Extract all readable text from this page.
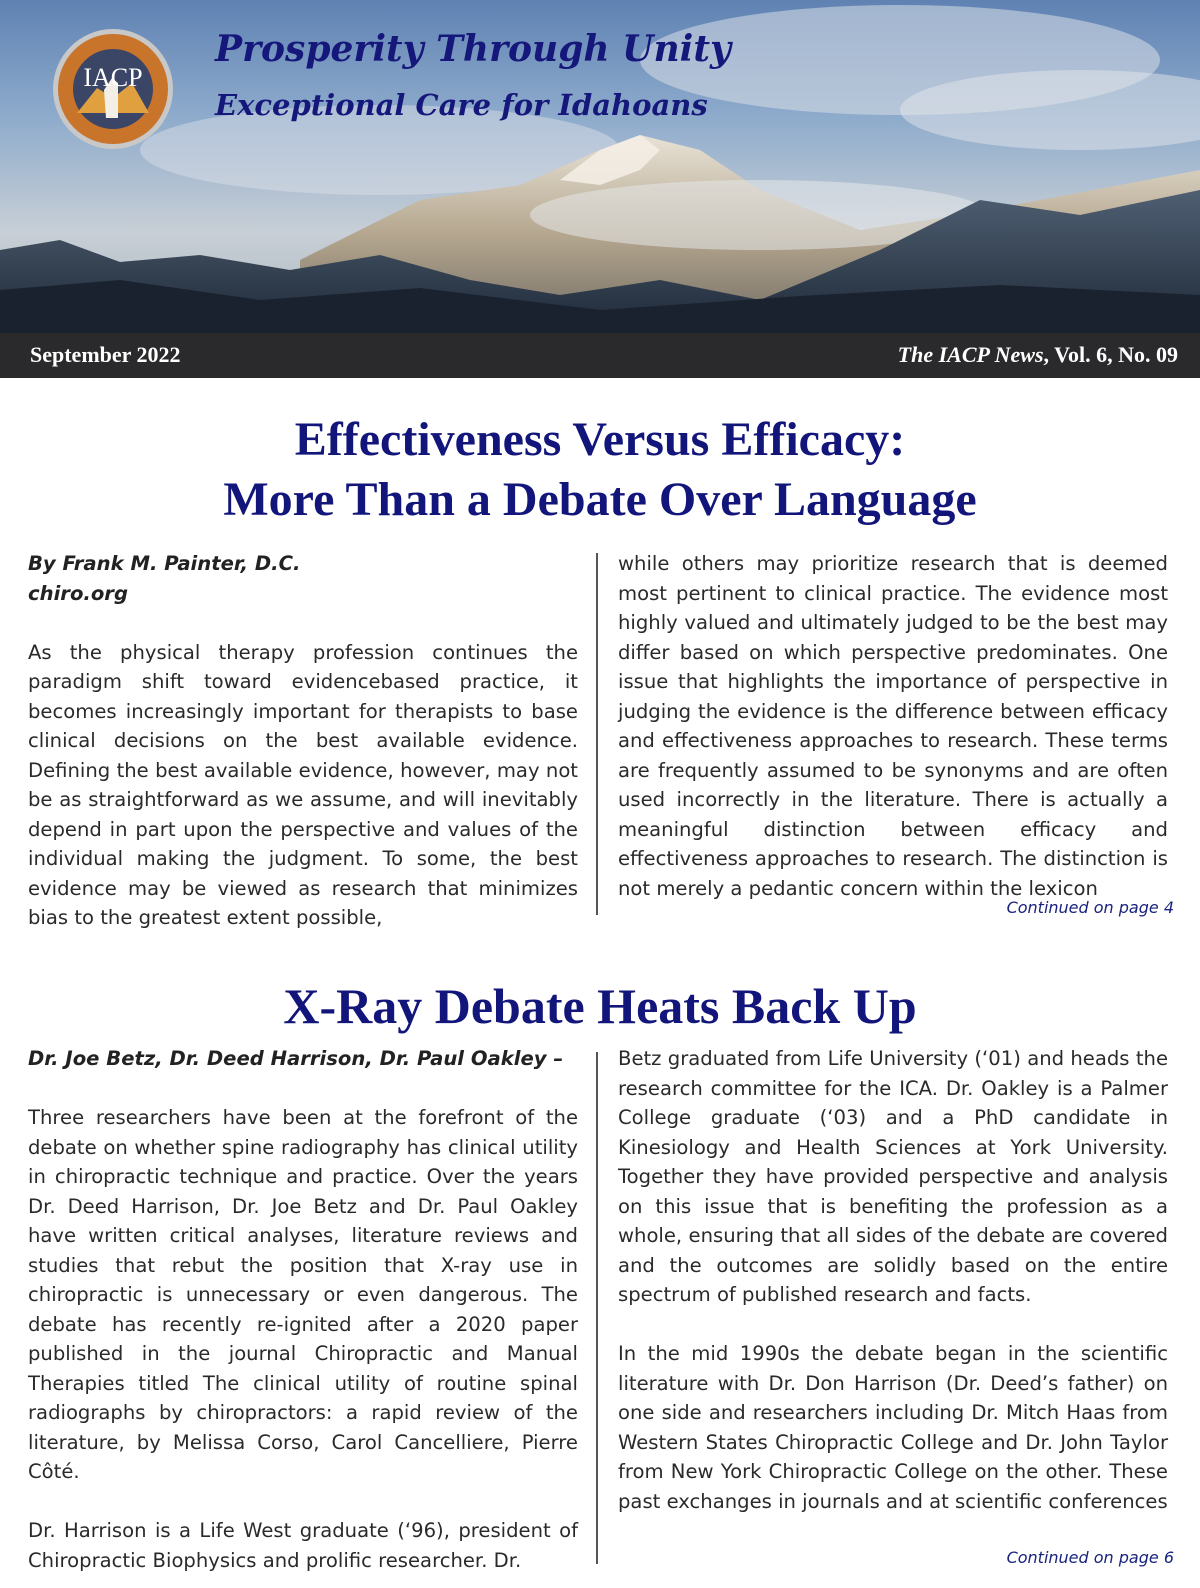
IACP
Prosperity Through Unity
Exceptional Care for Idahoans
September 2022	The IACP News, Vol. 6, No. 09
Effectiveness Versus Efficacy:
More Than a Debate Over Language

By Frank M. Painter, D.C.

chiro.org

As the physical therapy profession continues the paradigm shift toward evidencebased practice, it becomes increasingly important for therapists to base clinical decisions on the best available evidence. Defining the best available evidence, however, may not be as straightforward as we assume, and will inevitably depend in part upon the perspective and values of the individual making the judgment. To some, the best evidence may be viewed as research that minimizes bias to the greatest extent possible,

while others may prioritize research that is deemed most pertinent to clinical practice. The evidence most highly valued and ultimately judged to be the best may differ based on which perspective predominates. One issue that highlights the importance of perspective in judging the evidence is the difference between efficacy and effectiveness approaches to research. These terms are frequently assumed to be synonyms and are often used incorrectly in the literature. There is actually a meaningful distinction between efficacy and effectiveness approaches to research. The distinction is not merely a pedantic concern within the lexicon

Continued on page 4
X-Ray Debate Heats Back Up

Dr. Joe Betz, Dr. Deed Harrison, Dr. Paul Oakley –

Three researchers have been at the forefront of the debate on whether spine radiography has clinical utility in chiropractic technique and practice. Over the years Dr. Deed Harrison, Dr. Joe Betz and Dr. Paul Oakley have written critical analyses, literature reviews and studies that rebut the position that X-ray use in chiropractic is unnecessary or even dangerous. The debate has recently re-ignited after a 2020 paper published in the journal Chiropractic and Manual Therapies titled The clinical utility of routine spinal radiographs by chiropractors: a rapid review of the literature, by Melissa Corso, Carol Cancelliere, Pierre Côté.

Dr. Harrison is a Life West graduate (‘96), president of Chiropractic Biophysics and prolific researcher. Dr.

Betz graduated from Life University (‘01) and heads the research committee for the ICA. Dr. Oakley is a Palmer College graduate (‘03) and a PhD candidate in Kinesiology and Health Sciences at York University. Together they have provided perspective and analysis on this issue that is benefiting the profession as a whole, ensuring that all sides of the debate are covered and the outcomes are solidly based on the entire spectrum of published research and facts.

In the mid 1990s the debate began in the scientific literature with Dr. Don Harrison (Dr. Deed’s father) on one side and researchers including Dr. Mitch Haas from Western States Chiropractic College and Dr. John Taylor from New York Chiropractic College on the other. These past exchanges in journals and at scientific conferences

Continued on page 6
